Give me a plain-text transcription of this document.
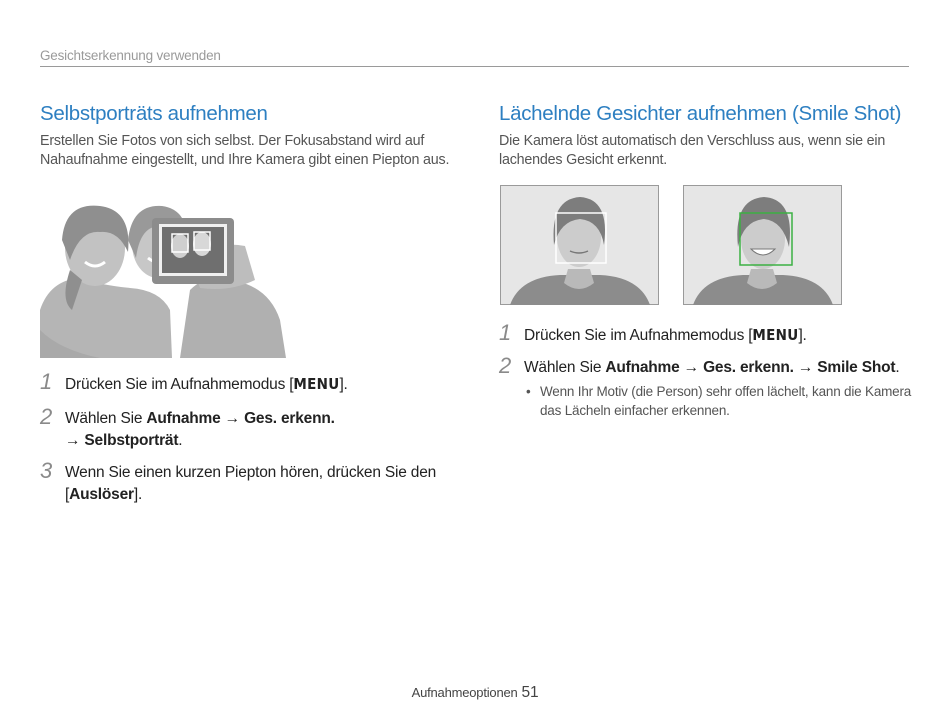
Gesichtserkennung verwenden
Selbstporträts aufnehmen

Erstellen Sie Fotos von sich selbst. Der Fokusabstand wird auf Nahaufnahme eingestellt, und Ihre Kamera gibt einen Piepton aus.

1 Drücken Sie im Aufnahmemodus [MENU].
2 Wählen Sie Aufnahme → Ges. erkenn.
→ Selbstporträt.
3 Wenn Sie einen kurzen Piepton hören, drücken Sie den [Auslöser].
Lächelnde Gesichter aufnehmen (Smile Shot)

Die Kamera löst automatisch den Verschluss aus, wenn sie ein lachendes Gesicht erkennt.

1 Drücken Sie im Aufnahmemodus [MENU].
2 Wählen Sie Aufnahme → Ges. erkenn. → Smile Shot.
• Wenn Ihr Motiv (die Person) sehr offen lächelt, kann die Kamera das Lächeln einfacher erkennen.
Aufnahmeoptionen 51
